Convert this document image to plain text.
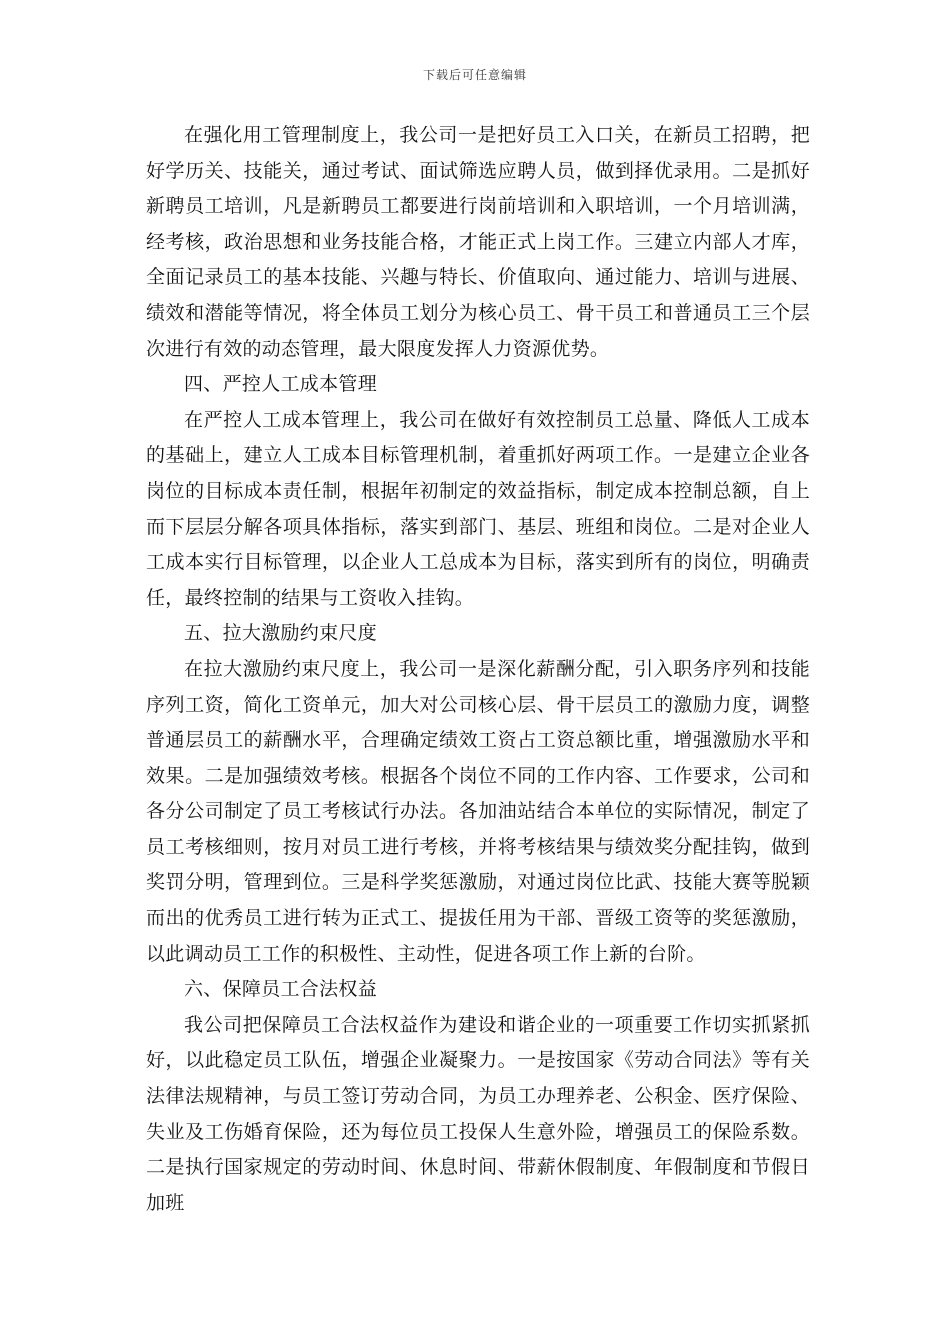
下载后可任意编辑

在强化用工管理制度上，我公司一是把好员工入口关，在新员工招聘，把好学历关、技能关，通过考试、面试筛选应聘人员，做到择优录用。二是抓好新聘员工培训，凡是新聘员工都要进行岗前培训和入职培训，一个月培训满，经考核，政治思想和业务技能合格，才能正式上岗工作。三建立内部人才库，全面记录员工的基本技能、兴趣与特长、价值取向、通过能力、培训与进展、绩效和潜能等情况，将全体员工划分为核心员工、骨干员工和普通员工三个层次进行有效的动态管理，最大限度发挥人力资源优势。

四、严控人工成本管理

在严控人工成本管理上，我公司在做好有效控制员工总量、降低人工成本的基础上，建立人工成本目标管理机制，着重抓好两项工作。一是建立企业各岗位的目标成本责任制，根据年初制定的效益指标，制定成本控制总额，自上而下层层分解各项具体指标，落实到部门、基层、班组和岗位。二是对企业人工成本实行目标管理，以企业人工总成本为目标，落实到所有的岗位，明确责任，最终控制的结果与工资收入挂钩。

五、拉大激励约束尺度

在拉大激励约束尺度上，我公司一是深化薪酬分配，引入职务序列和技能序列工资，简化工资单元，加大对公司核心层、骨干层员工的激励力度，调整普通层员工的薪酬水平，合理确定绩效工资占工资总额比重，增强激励水平和效果。二是加强绩效考核。根据各个岗位不同的工作内容、工作要求，公司和各分公司制定了员工考核试行办法。各加油站结合本单位的实际情况，制定了员工考核细则，按月对员工进行考核，并将考核结果与绩效奖分配挂钩，做到奖罚分明，管理到位。三是科学奖惩激励，对通过岗位比武、技能大赛等脱颖而出的优秀员工进行转为正式工、提拔任用为干部、晋级工资等的奖惩激励，以此调动员工工作的积极性、主动性，促进各项工作上新的台阶。

六、保障员工合法权益

我公司把保障员工合法权益作为建设和谐企业的一项重要工作切实抓紧抓好，以此稳定员工队伍，增强企业凝聚力。一是按国家《劳动合同法》等有关法律法规精神，与员工签订劳动合同，为员工办理养老、公积金、医疗保险、失业及工伤婚育保险，还为每位员工投保人生意外险，增强员工的保险系数。二是执行国家规定的劳动时间、休息时间、带薪休假制度、年假制度和节假日加班
